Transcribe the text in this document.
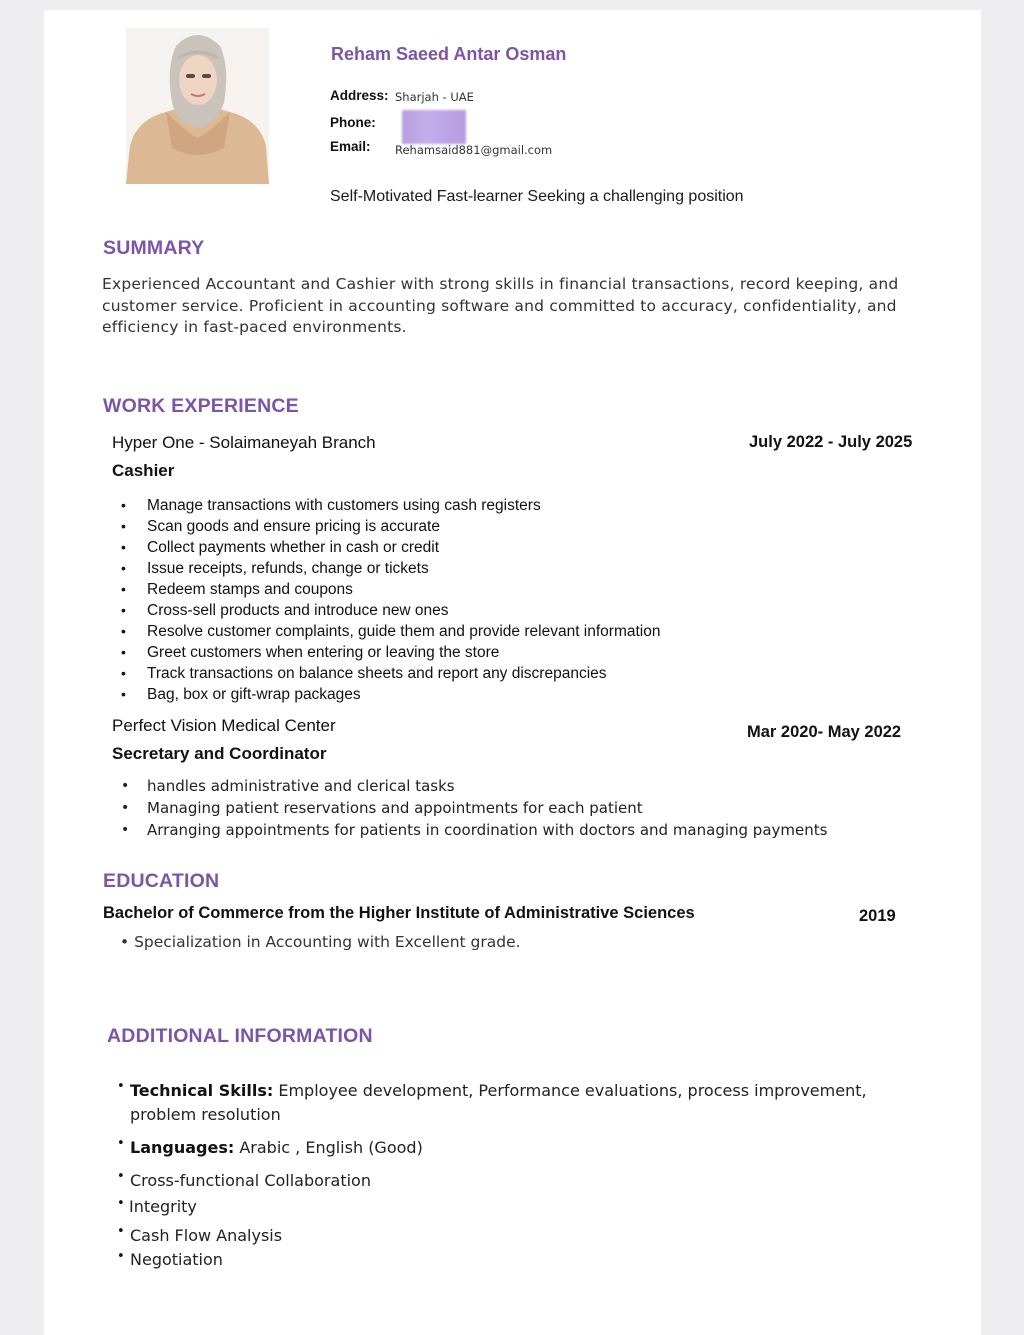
Reham Saeed Antar Osman
Address: Sharjah - UAE
Phone:
Email: Rehamsaid881@gmail.com
Self-Motivated Fast-learner Seeking a challenging position
SUMMARY
Experienced Accountant and Cashier with strong skills in financial transactions, record keeping, and customer service. Proficient in accounting software and committed to accuracy, confidentiality, and efficiency in fast-paced environments.
WORK EXPERIENCE
Hyper One - Solaimaneyah Branch	July 2022 - July 2025
Cashier
• Manage transactions with customers using cash registers
• Scan goods and ensure pricing is accurate
• Collect payments whether in cash or credit
• Issue receipts, refunds, change or tickets
• Redeem stamps and coupons
• Cross-sell products and introduce new ones
• Resolve customer complaints, guide them and provide relevant information
• Greet customers when entering or leaving the store
• Track transactions on balance sheets and report any discrepancies
• Bag, box or gift-wrap packages
Perfect Vision Medical Center	Mar 2020- May 2022
Secretary and Coordinator
• handles administrative and clerical tasks
• Managing patient reservations and appointments for each patient
• Arranging appointments for patients in coordination with doctors and managing payments
EDUCATION
Bachelor of Commerce from the Higher Institute of Administrative Sciences	2019
• Specialization in Accounting with Excellent grade.
ADDITIONAL INFORMATION
• Technical Skills: Employee development, Performance evaluations, process improvement,
problem resolution
• Languages: Arabic , English (Good)
• Cross-functional Collaboration
• Integrity
• Cash Flow Analysis
• Negotiation
